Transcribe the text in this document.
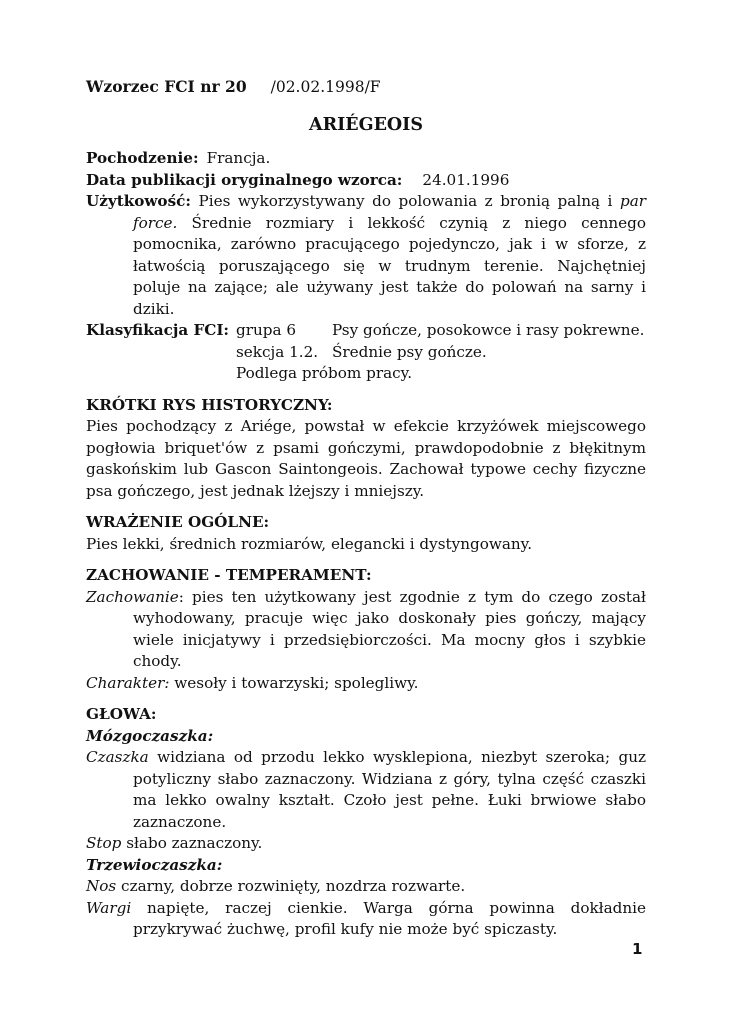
Wzorzec FCI nr 20 /02.02.1998/F
ARIÉGEOIS

Pochodzenie: Francja.

Data publikacji oryginalnego wzorca: 24.01.1996

Użytkowość: Pies wykorzystywany do polowania z bronią palną i par force. Średnie rozmiary i lekkość czynią z niego cennego pomocnika, zarówno pracującego pojedynczo, jak i w sforze, z łatwością poruszającego się w trudnym terenie. Najchętniej poluje na zające; ale używany jest także do polowań na sarny i dziki.

Klasyfikacja FCI: grupa 6	Psy gończe, posokowce i rasy pokrewne.
sekcja 1.2. Średnie psy gończe.
Podlega próbom pracy.
KRÓTKI RYS HISTORYCZNY:

Pies pochodzący z Ariége, powstał w efekcie krzyżówek miejscowego pogłowia briquet'ów z psami gończymi, prawdopodobnie z błękitnym gaskońskim lub Gascon Saintongeois. Zachował typowe cechy fizyczne psa gończego, jest jednak lżejszy i mniejszy.

WRAŻENIE OGÓLNE:

Pies lekki, średnich rozmiarów, elegancki i dystyngowany.

ZACHOWANIE - TEMPERAMENT:

Zachowanie: pies ten użytkowany jest zgodnie z tym do czego został wyhodowany, pracuje więc jako doskonały pies gończy, mający wiele inicjatywy i przedsiębiorczości. Ma mocny głos i szybkie chody.

Charakter: wesoły i towarzyski; spolegliwy.

GŁOWA:
Mózgoczaszka:

Czaszka widziana od przodu lekko wysklepiona, niezbyt szeroka; guz potyliczny słabo zaznaczony. Widziana z góry, tylna część czaszki ma lekko owalny kształt. Czoło jest pełne. Łuki brwiowe słabo zaznaczone.

Stop słabo zaznaczony.

Trzewioczaszka:

Nos czarny, dobrze rozwinięty, nozdrza rozwarte.

Wargi napięte, raczej cienkie. Warga górna powinna dokładnie przykrywać żuchwę, profil kufy nie może być spiczasty.

1
